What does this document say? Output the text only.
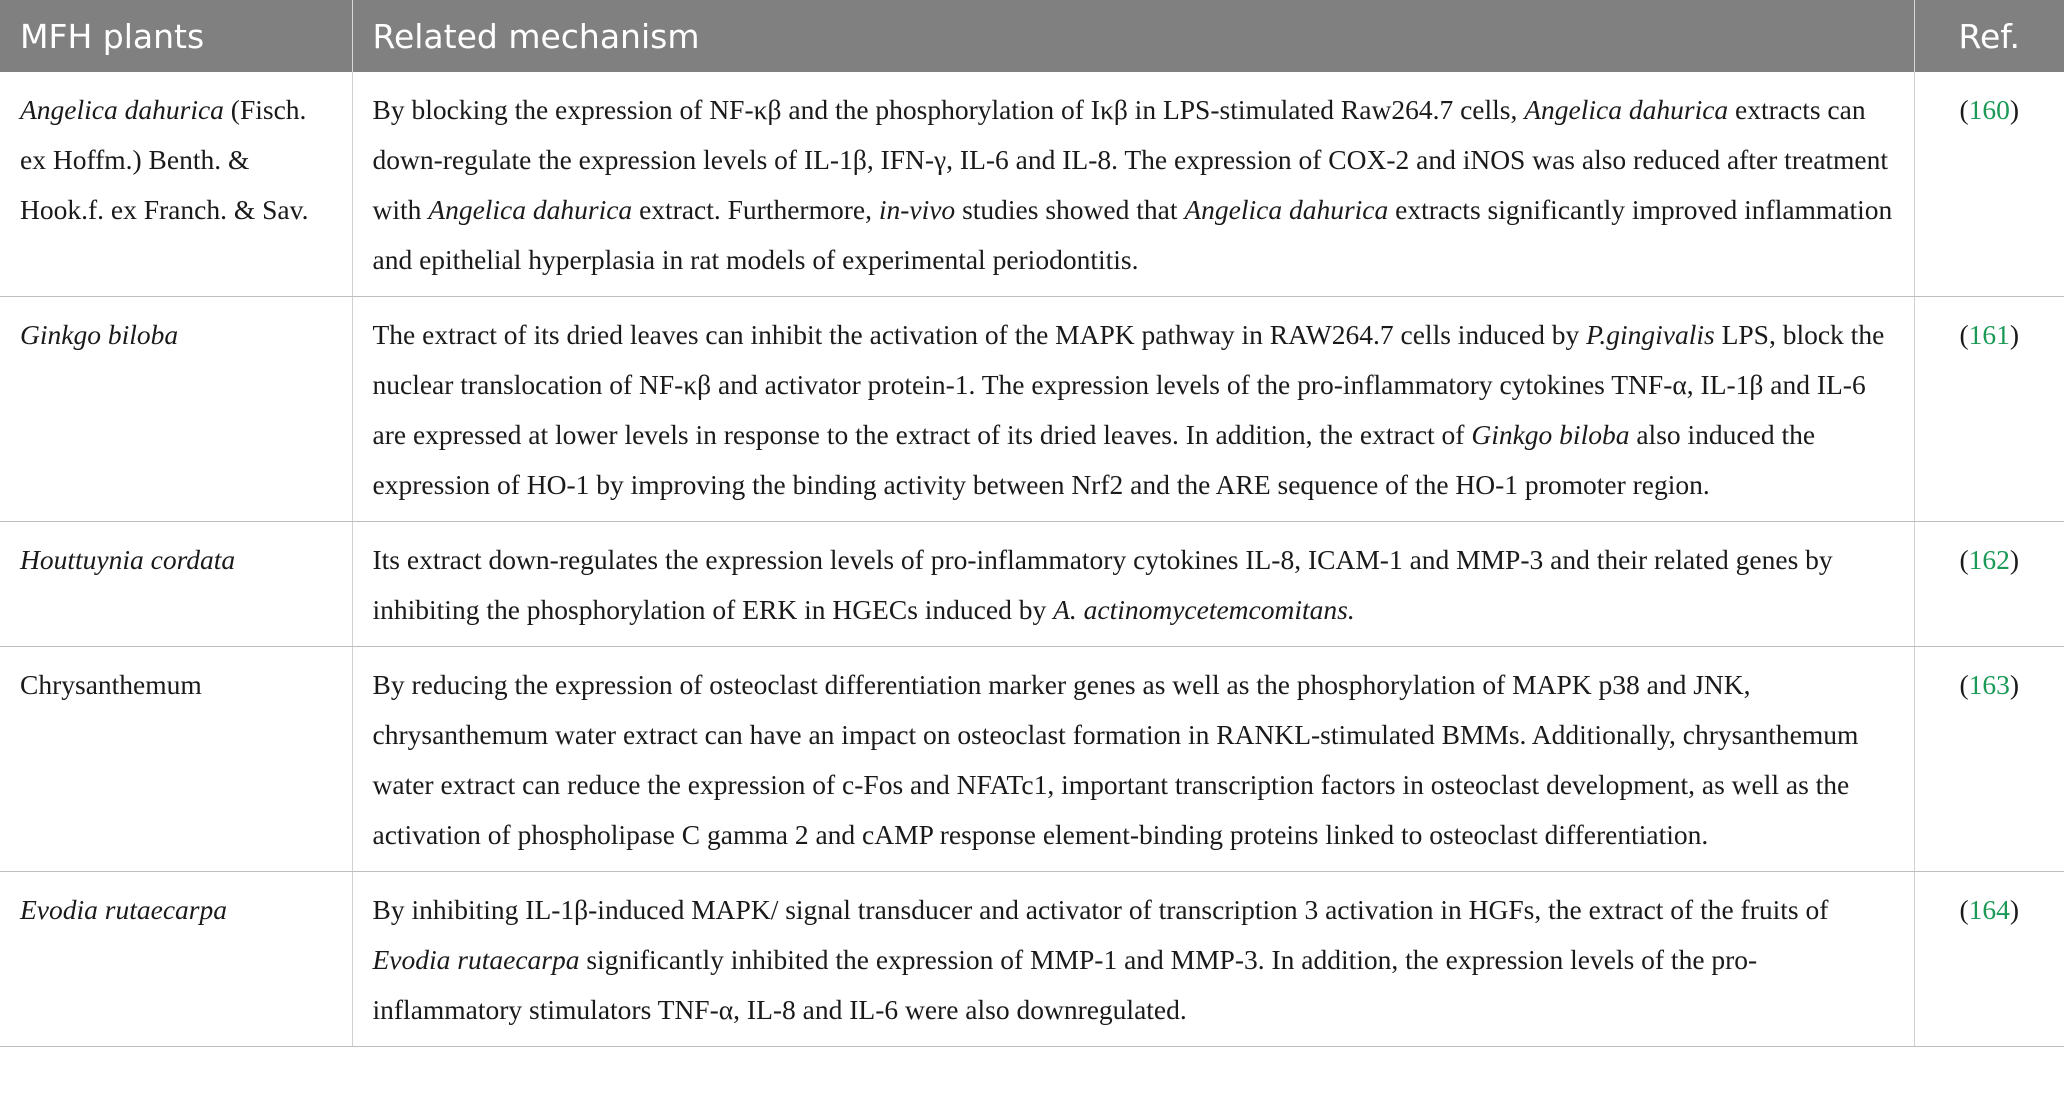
MFH plants	Related mechanism	Ref.
Angelica dahurica (Fisch. ex Hoffm.) Benth. & Hook.f. ex Franch. & Sav.	By blocking the expression of NF-κβ and the phosphorylation of Iκβ in LPS-stimulated Raw264.7 cells, Angelica dahurica extracts can down-regulate the expression levels of IL-1β, IFN-γ, IL-6 and IL-8. The expression of COX-2 and iNOS was also reduced after treatment with Angelica dahurica extract. Furthermore, in-vivo studies showed that Angelica dahurica extracts significantly improved inflammation and epithelial hyperplasia in rat models of experimental periodontitis.	(160)
Ginkgo biloba	The extract of its dried leaves can inhibit the activation of the MAPK pathway in RAW264.7 cells induced by P.gingivalis LPS, block the nuclear translocation of NF-κβ and activator protein-1. The expression levels of the pro-inflammatory cytokines TNF-α, IL-1β and IL-6 are expressed at lower levels in response to the extract of its dried leaves. In addition, the extract of Ginkgo biloba also induced the expression of HO-1 by improving the binding activity between Nrf2 and the ARE sequence of the HO-1 promoter region.	(161)
Houttuynia cordata	Its extract down-regulates the expression levels of pro-inflammatory cytokines IL-8, ICAM-1 and MMP-3 and their related genes by inhibiting the phosphorylation of ERK in HGECs induced by A. actinomycetemcomitans.	(162)
Chrysanthemum	By reducing the expression of osteoclast differentiation marker genes as well as the phosphorylation of MAPK p38 and JNK, chrysanthemum water extract can have an impact on osteoclast formation in RANKL-stimulated BMMs. Additionally, chrysanthemum water extract can reduce the expression of c-Fos and NFATc1, important transcription factors in osteoclast development, as well as the activation of phospholipase C gamma 2 and cAMP response element-binding proteins linked to osteoclast differentiation.	(163)
Evodia rutaecarpa	By inhibiting IL-1β-induced MAPK/ signal transducer and activator of transcription 3 activation in HGFs, the extract of the fruits of Evodia rutaecarpa significantly inhibited the expression of MMP-1 and MMP-3. In addition, the expression levels of the pro-inflammatory stimulators TNF-α, IL-8 and IL-6 were also downregulated.	(164)
